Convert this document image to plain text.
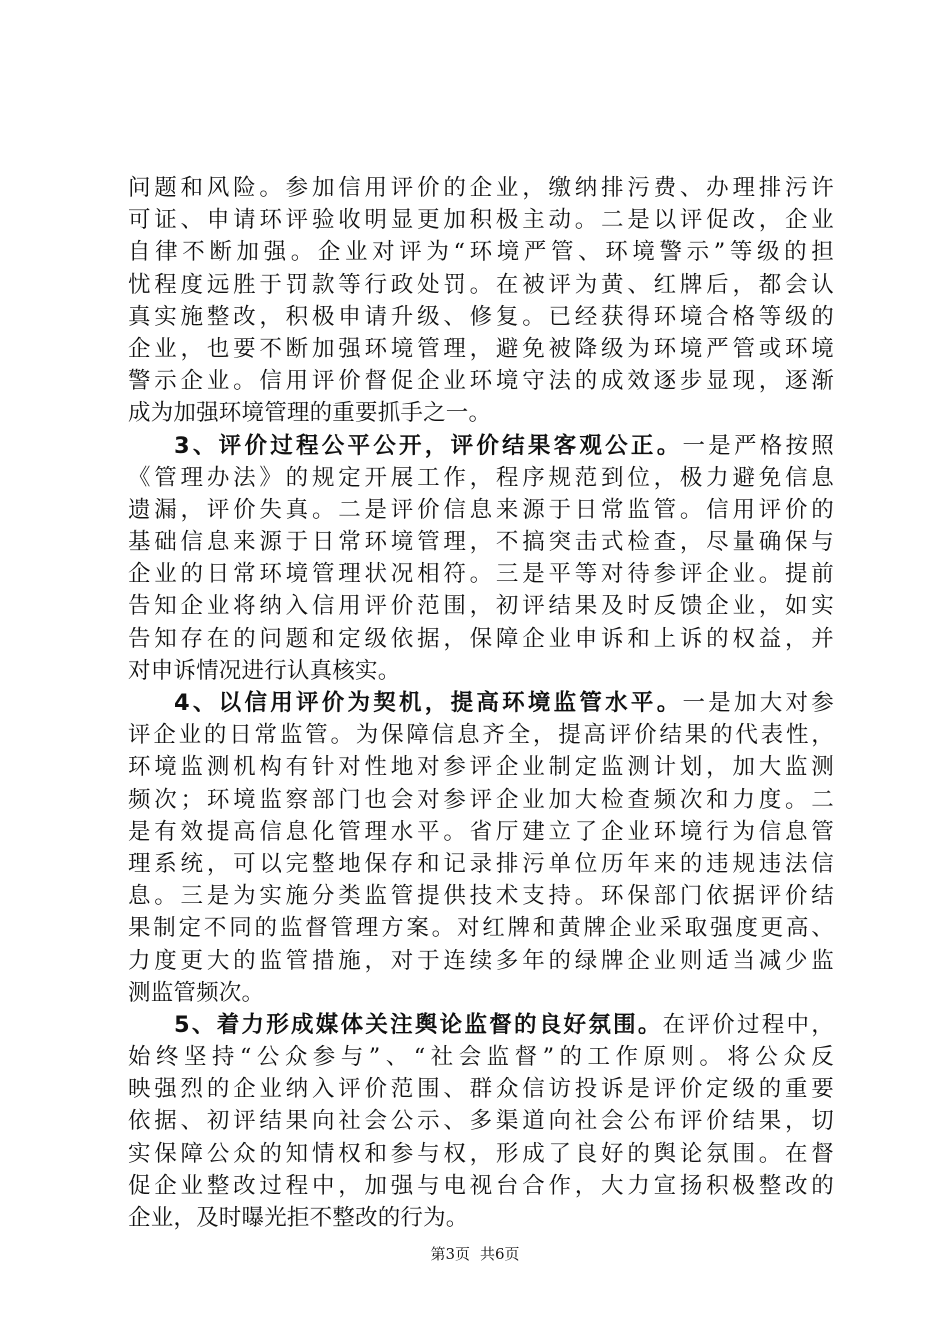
问题和风险。参加信用评价的企业，缴纳排污费、办理排污许
可证、申请环评验收明显更加积极主动。二是以评促改，企业
自律不断加强。企业对评为“环境严管、环境警示”等级的担
忧程度远胜于罚款等行政处罚。在被评为黄、红牌后，都会认
真实施整改，积极申请升级、修复。已经获得环境合格等级的
企业，也要不断加强环境管理，避免被降级为环境严管或环境
警示企业。信用评价督促企业环境守法的成效逐步显现，逐渐
成为加强环境管理的重要抓手之一。
3、评价过程公平公开，评价结果客观公正。一是严格按照
《管理办法》的规定开展工作，程序规范到位，极力避免信息
遗漏，评价失真。二是评价信息来源于日常监管。信用评价的
基础信息来源于日常环境管理，不搞突击式检查，尽量确保与
企业的日常环境管理状况相符。三是平等对待参评企业。提前
告知企业将纳入信用评价范围，初评结果及时反馈企业，如实
告知存在的问题和定级依据，保障企业申诉和上诉的权益，并
对申诉情况进行认真核实。
4、以信用评价为契机，提高环境监管水平。一是加大对参
评企业的日常监管。为保障信息齐全，提高评价结果的代表性，
环境监测机构有针对性地对参评企业制定监测计划，加大监测
频次；环境监察部门也会对参评企业加大检查频次和力度。二
是有效提高信息化管理水平。省厅建立了企业环境行为信息管
理系统，可以完整地保存和记录排污单位历年来的违规违法信
息。三是为实施分类监管提供技术支持。环保部门依据评价结
果制定不同的监督管理方案。对红牌和黄牌企业采取强度更高、
力度更大的监管措施，对于连续多年的绿牌企业则适当减少监
测监管频次。
5、着力形成媒体关注舆论监督的良好氛围。在评价过程中，
始终坚持“公众参与”、“社会监督”的工作原则。将公众反
映强烈的企业纳入评价范围、群众信访投诉是评价定级的重要
依据、初评结果向社会公示、多渠道向社会公布评价结果，切
实保障公众的知情权和参与权，形成了良好的舆论氛围。在督
促企业整改过程中，加强与电视台合作，大力宣扬积极整改的
企业，及时曝光拒不整改的行为。
第3页 共6页
